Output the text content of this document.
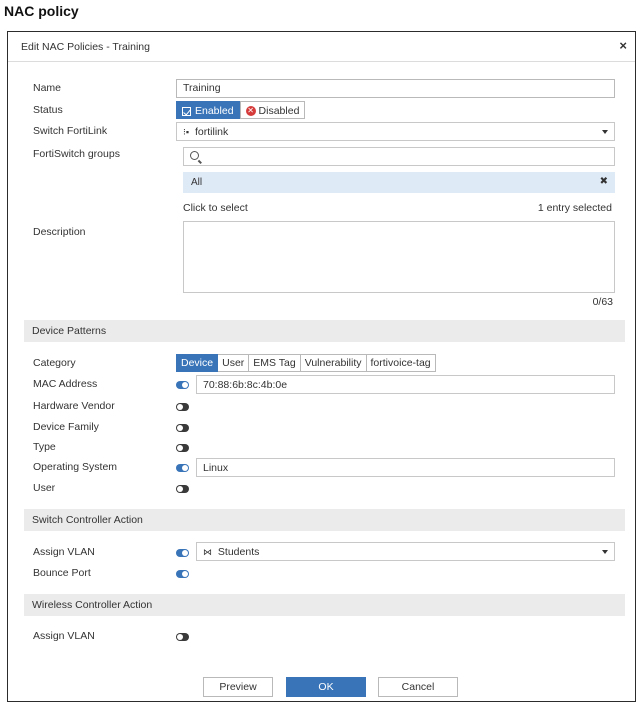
NAC policy
Edit NAC Policies - Training	×
Name	Training
Status	Enabled ✕ Disabled
Switch FortiLink	⁝▪ fortilink
FortiSwitch groups
All	✖
Click to select	1 entry selected
Description
0/63
Device Patterns
Category	Device User EMS Tag Vulnerability fortivoice-tag
MAC Address	70:88:6b:8c:4b:0e
Hardware Vendor
Device Family
Type
Operating System	Linux
User
Switch Controller Action
Assign VLAN	⋈ Students
Bounce Port
Wireless Controller Action
Assign VLAN
Preview	OK	Cancel
